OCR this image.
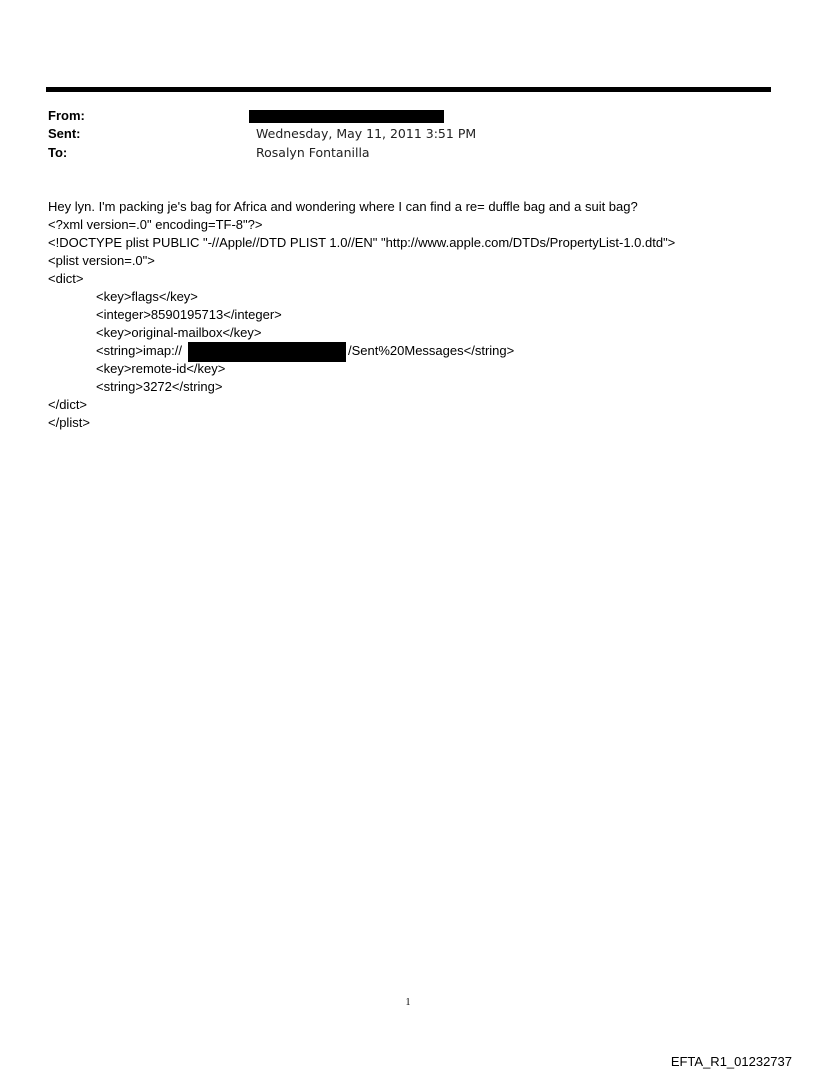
From:
Sent:	Wednesday, May 11, 2011 3:51 PM
To:	Rosalyn Fontanilla
Hey lyn. I'm packing je's bag for Africa and wondering where I can find a re= duffle bag and a suit bag?
<?xml version=.0" encoding=TF-8"?>
<!DOCTYPE plist PUBLIC "-//Apple//DTD PLIST 1.0//EN" "http://www.apple.com/DTDs/PropertyList-1.0.dtd">
<plist version=.0">
<dict>
<key>flags</key>
<integer>8590195713</integer>
<key>original-mailbox</key>
<string>imap://	/Sent%20Messages</string>
<key>remote-id</key>
<string>3272</string>
</dict>
</plist>
1
EFTA_R1_01232737
